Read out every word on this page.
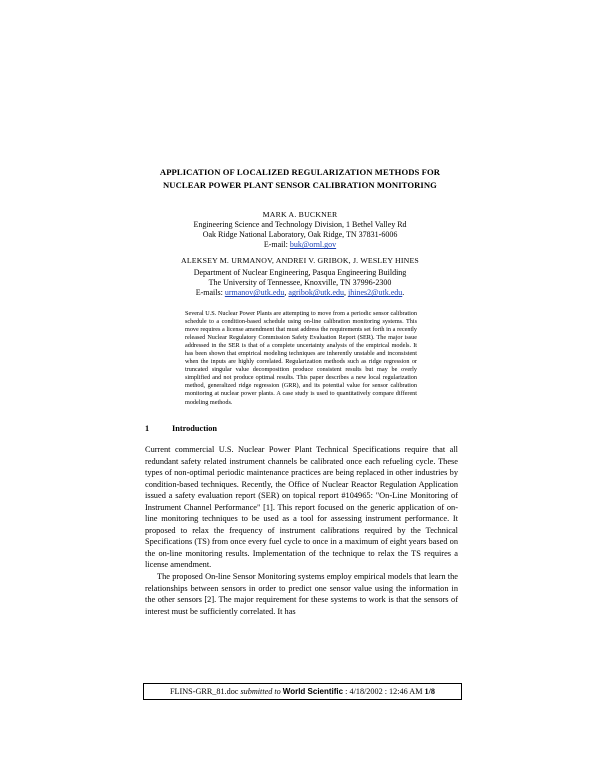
APPLICATION OF LOCALIZED REGULARIZATION METHODS FOR
NUCLEAR POWER PLANT SENSOR CALIBRATION MONITORING
MARK A. BUCKNER
Engineering Science and Technology Division, 1 Bethel Valley Rd
Oak Ridge National Laboratory, Oak Ridge, TN 37831-6006
E-mail: buk@ornl.gov
ALEKSEY M. URMANOV, ANDREI V. GRIBOK, J. WESLEY HINES
Department of Nuclear Engineering, Pasqua Engineering Building
The University of Tennessee, Knoxville, TN 37996-2300
E-mails: urmanov@utk.edu, agribok@utk.edu, jhines2@utk.edu.
Several U.S. Nuclear Power Plants are attempting to move from a periodic sensor calibration schedule to a condition-based schedule using on-line calibration monitoring systems. This move requires a license amendment that must address the requirements set forth in a recently released Nuclear Regulatory Commission Safety Evaluation Report (SER). The major issue addressed in the SER is that of a complete uncertainty analysis of the empirical models. It has been shown that empirical modeling techniques are inherently unstable and inconsistent when the inputs are highly correlated. Regularization methods such as ridge regression or truncated singular value decomposition produce consistent results but may be overly simplified and not produce optimal results. This paper describes a new local regularization method, generalized ridge regression (GRR), and its potential value for sensor calibration monitoring at nuclear power plants. A case study is used to quantitatively compare different modeling methods.
1	Introduction

Current commercial U.S. Nuclear Power Plant Technical Specifications require that all redundant safety related instrument channels be calibrated once each refueling cycle. These types of non-optimal periodic maintenance practices are being replaced in other industries by condition-based techniques. Recently, the Office of Nuclear Reactor Regulation Application issued a safety evaluation report (SER) on topical report #104965: "On-Line Monitoring of Instrument Channel Performance" [1]. This report focused on the generic application of on-line monitoring techniques to be used as a tool for assessing instrument performance. It proposed to relax the frequency of instrument calibrations required by the Technical Specifications (TS) from once every fuel cycle to once in a maximum of eight years based on the on-line monitoring results. Implementation of the technique to relax the TS requires a license amendment.

The proposed On-line Sensor Monitoring systems employ empirical models that learn the relationships between sensors in order to predict one sensor value using the information in the other sensors [2]. The major requirement for these systems to work is that the sensors of interest must be sufficiently correlated. It has

FLINS-GRR_81.doc submitted to World Scientific : 4/18/2002 : 12:46 AM 1/8
